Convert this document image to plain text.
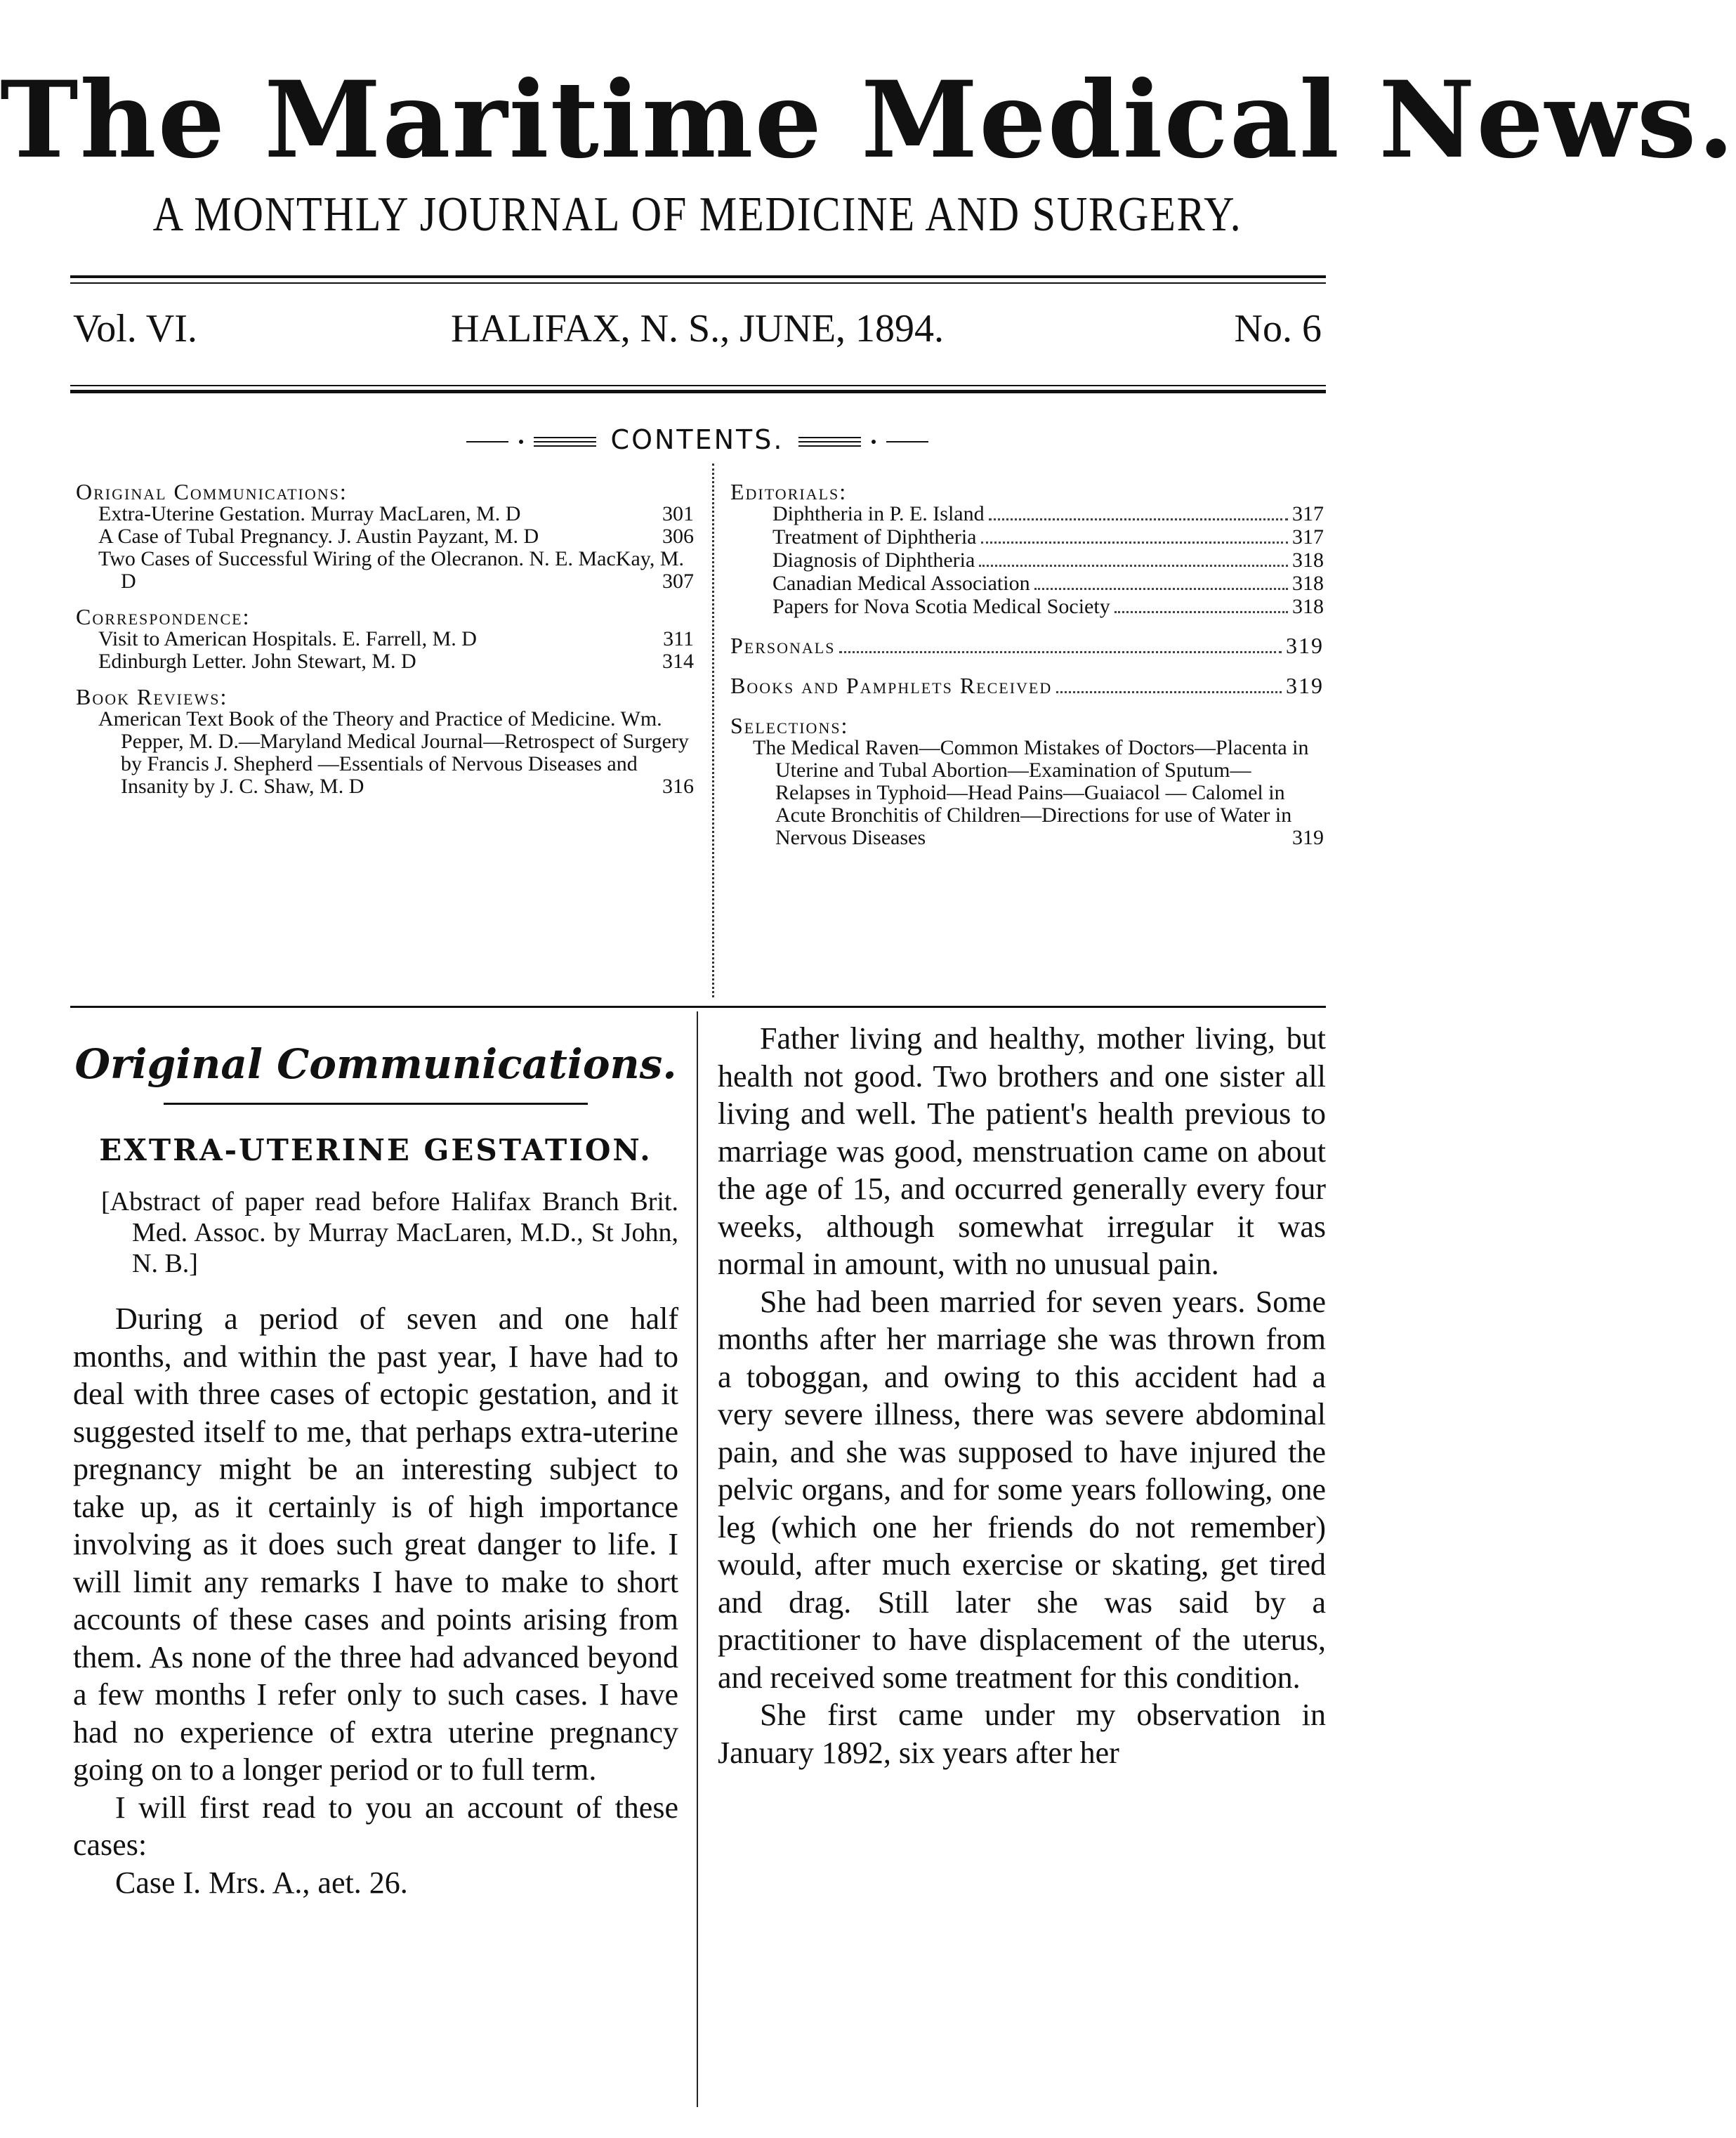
The Maritime Medical News.
A MONTHLY JOURNAL OF MEDICINE AND SURGERY.
Vol. VI.	HALIFAX, N. S., JUNE, 1894.	No. 6
CONTENTS.
Original Communications:
Extra-Uterine Gestation. Murray MacLaren, M. D	301
A Case of Tubal Pregnancy. J. Austin Payzant, M. D	306
Two Cases of Successful Wiring of the Olecranon. N. E. MacKay, M. D	307
Correspondence:
Visit to American Hospitals. E. Farrell, M. D	311
Edinburgh Letter. John Stewart, M. D	314
Book Reviews:
American Text Book of the Theory and Practice of Medicine. Wm. Pepper, M. D.—Maryland Medical Journal—Retrospect of Surgery by Francis J. Shepherd —Essentials of Nervous Diseases and Insanity by J. C. Shaw, M. D	316
Editorials:
Diphtheria in P. E. Island	317
Treatment of Diphtheria	317
Diagnosis of Diphtheria	318
Canadian Medical Association	318
Papers for Nova Scotia Medical Society	318
Personals	319
Books and Pamphlets Received	319
Selections:
The Medical Raven—Common Mistakes of Doctors—Placenta in Uterine and Tubal Abortion—Examination of Sputum—Relapses in Typhoid—Head Pains—Guaiacol — Calomel in Acute Bronchitis of Children—Directions for use of Water in Nervous Diseases	319
Original Communications.
EXTRA-UTERINE GESTATION.

[Abstract of paper read before Halifax Branch Brit. Med. Assoc. by Murray MacLaren, M.D., St John, N. B.]

During a period of seven and one half months, and within the past year, I have had to deal with three cases of ectopic gestation, and it suggested itself to me, that perhaps extra-uterine pregnancy might be an interesting subject to take up, as it certainly is of high importance involving as it does such great danger to life. I will limit any remarks I have to make to short accounts of these cases and points arising from them. As none of the three had advanced beyond a few months I refer only to such cases. I have had no experience of extra uterine pregnancy going on to a longer period or to full term.

I will first read to you an account of these cases:

Case I. Mrs. A., aet. 26.

Father living and healthy, mother living, but health not good. Two brothers and one sister all living and well. The patient's health previous to marriage was good, menstruation came on about the age of 15, and occurred generally every four weeks, although somewhat irregular it was normal in amount, with no unusual pain.

She had been married for seven years. Some months after her marriage she was thrown from a toboggan, and owing to this accident had a very severe illness, there was severe abdominal pain, and she was supposed to have injured the pelvic organs, and for some years following, one leg (which one her friends do not remember) would, after much exercise or skating, get tired and drag. Still later she was said by a practitioner to have displacement of the uterus, and received some treatment for this condition.

She first came under my observation in January 1892, six years after her
